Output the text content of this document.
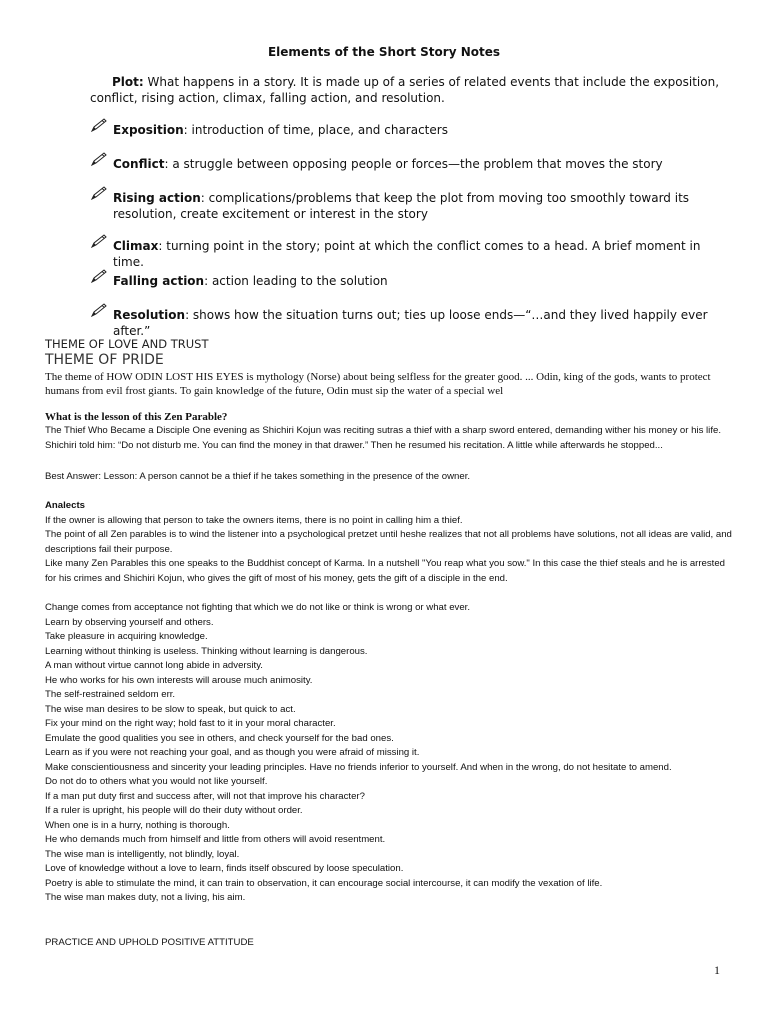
Elements of the Short Story Notes
Plot: What happens in a story. It is made up of a series of related events that include the exposition, conflict, rising action, climax, falling action, and resolution.
Exposition: introduction of time, place, and characters
Conflict: a struggle between opposing people or forces—the problem that moves the story
Rising action: complications/problems that keep the plot from moving too smoothly toward its resolution, create excitement or interest in the story
Climax: turning point in the story; point at which the conflict comes to a head. A brief moment in time.
Falling action: action leading to the solution
Resolution: shows how the situation turns out; ties up loose ends—“…and they lived happily ever after.”
THEME OF LOVE AND TRUST
THEME OF PRIDE
The theme of HOW ODIN LOST HIS EYES is mythology (Norse) about being selfless for the greater good. ... Odin, king of the gods, wants to protect humans from evil frost giants. To gain knowledge of the future, Odin must sip the water of a special wel
What is the lesson of this Zen Parable?
The Thief Who Became a Disciple One evening as Shichiri Kojun was reciting sutras a thief with a sharp sword entered, demanding wither his money or his life. Shichiri told him: “Do not disturb me. You can find the money in that drawer.” Then he resumed his recitation. A little while afterwards he stopped...
Best Answer: Lesson: A person cannot be a thief if he takes something in the presence of the owner.
Analects
If the owner is allowing that person to take the owners items, there is no point in calling him a thief.
The point of all Zen parables is to wind the listener into a psychological pretzet until heshe realizes that not all problems have solutions, not all ideas are valid, and descriptions fail their purpose.
Like many Zen Parables this one speaks to the Buddhist concept of Karma. In a nutshell "You reap what you sow." In this case the thief steals and he is arrested for his crimes and Shichiri Kojun, who gives the gift of most of his money, gets the gift of a disciple in the end.
Change comes from acceptance not fighting that which we do not like or think is wrong or what ever.
Learn by observing yourself and others.
Take pleasure in acquiring knowledge.
Learning without thinking is useless. Thinking without learning is dangerous.
A man without virtue cannot long abide in adversity.
He who works for his own interests will arouse much animosity.
The self-restrained seldom err.
The wise man desires to be slow to speak, but quick to act.
Fix your mind on the right way; hold fast to it in your moral character.
Emulate the good qualities you see in others, and check yourself for the bad ones.
Learn as if you were not reaching your goal, and as though you were afraid of missing it.
Make conscientiousness and sincerity your leading principles. Have no friends inferior to yourself. And when in the wrong, do not hesitate to amend.
Do not do to others what you would not like yourself.
If a man put duty first and success after, will not that improve his character?
If a ruler is upright, his people will do their duty without order.
When one is in a hurry, nothing is thorough.
He who demands much from himself and little from others will avoid resentment.
The wise man is intelligently, not blindly, loyal.
Love of knowledge without a love to learn, finds itself obscured by loose speculation.
Poetry is able to stimulate the mind, it can train to observation, it can encourage social intercourse, it can modify the vexation of life.
The wise man makes duty, not a living, his aim.
PRACTICE AND UPHOLD POSITIVE ATTITUDE
1
